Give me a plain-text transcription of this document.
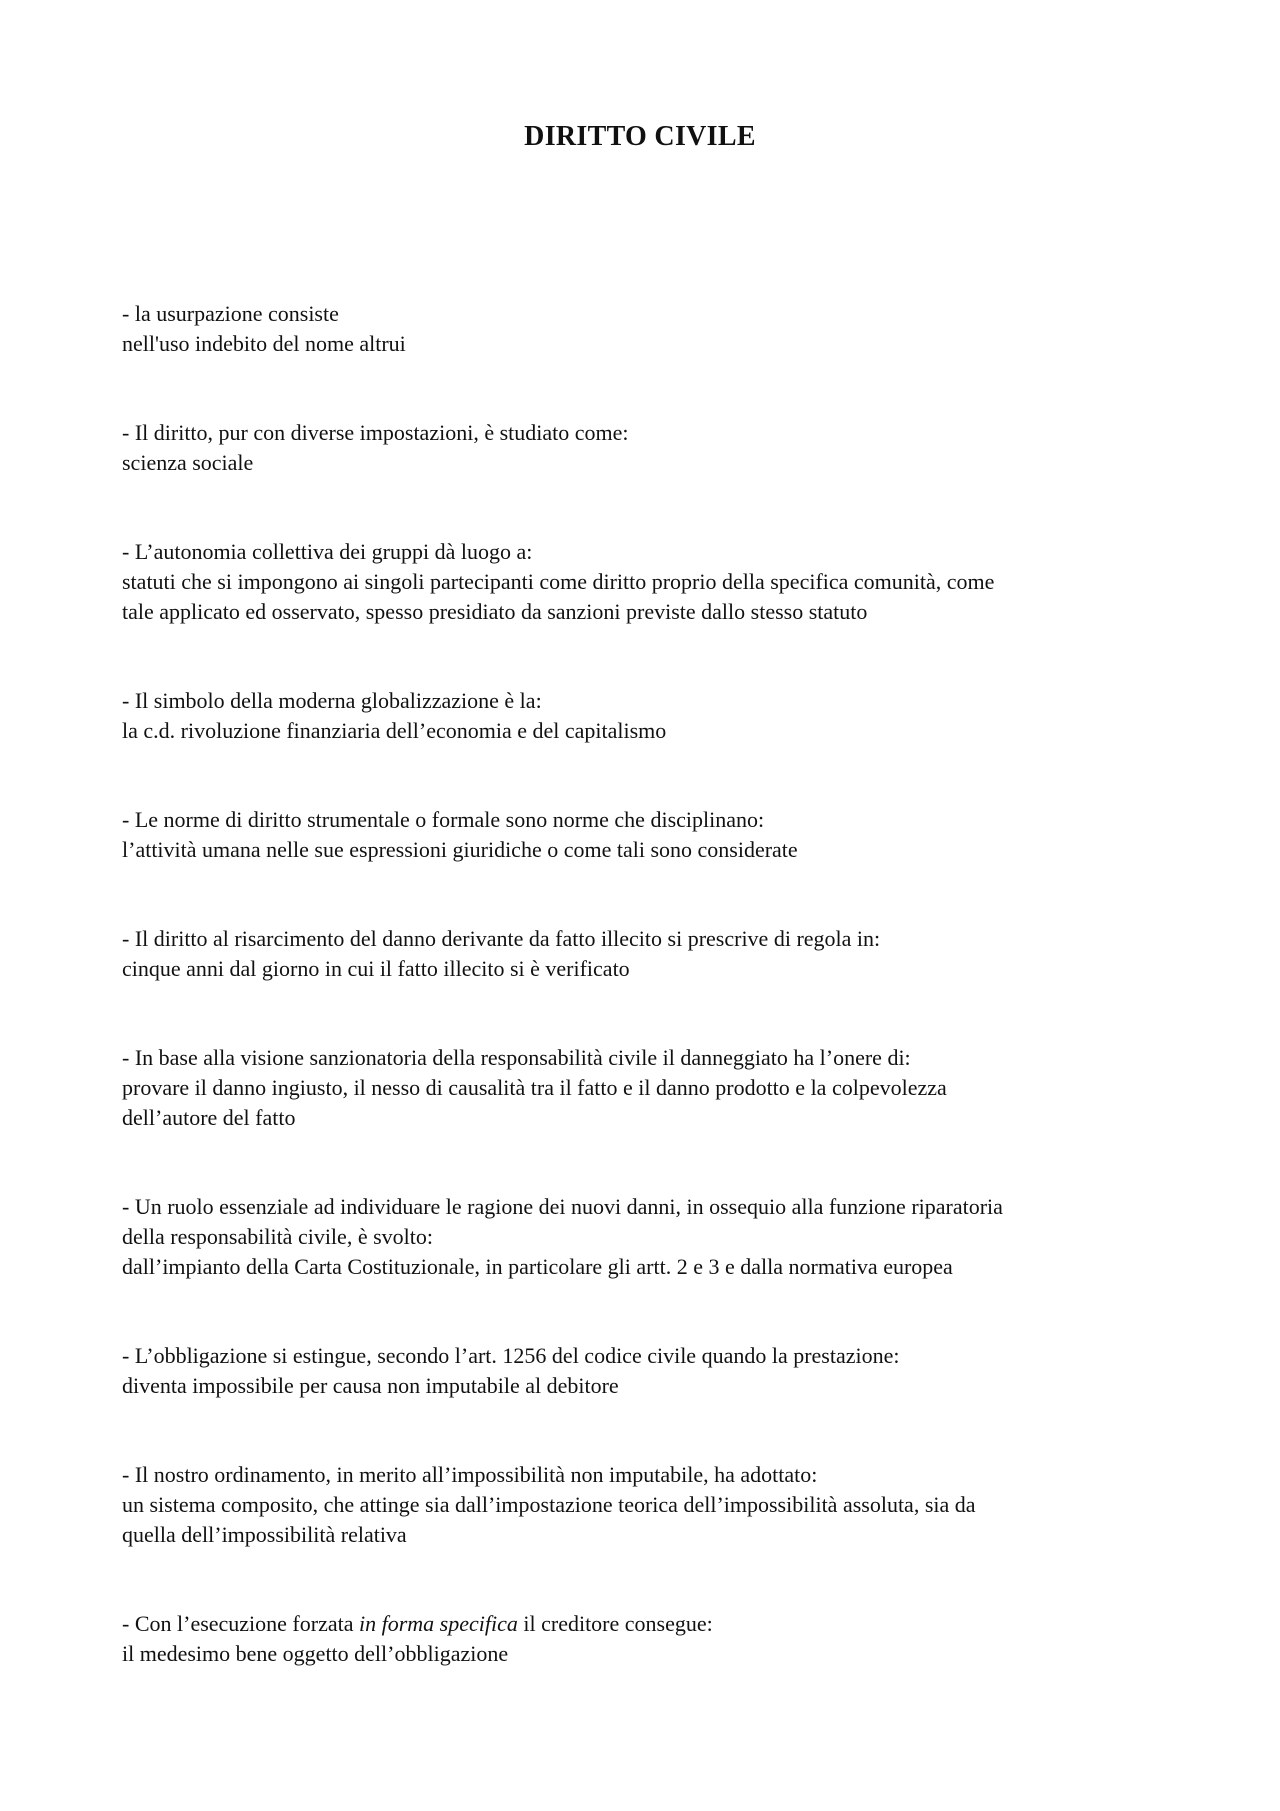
DIRITTO CIVILE

- la usurpazione consiste

nell'uso indebito del nome altrui

- Il diritto, pur con diverse impostazioni, è studiato come:

scienza sociale

- L’autonomia collettiva dei gruppi dà luogo a:

statuti che si impongono ai singoli partecipanti come diritto proprio della specifica comunità, come
tale applicato ed osservato, spesso presidiato da sanzioni previste dallo stesso statuto

- Il simbolo della moderna globalizzazione è la:

la c.d. rivoluzione finanziaria dell’economia e del capitalismo

- Le norme di diritto strumentale o formale sono norme che disciplinano:

l’attività umana nelle sue espressioni giuridiche o come tali sono considerate

- Il diritto al risarcimento del danno derivante da fatto illecito si prescrive di regola in:

cinque anni dal giorno in cui il fatto illecito si è verificato

- In base alla visione sanzionatoria della responsabilità civile il danneggiato ha l’onere di:

provare il danno ingiusto, il nesso di causalità tra il fatto e il danno prodotto e la colpevolezza
dell’autore del fatto

- Un ruolo essenziale ad individuare le ragione dei nuovi danni, in ossequio alla funzione riparatoria
della responsabilità civile, è svolto:

dall’impianto della Carta Costituzionale, in particolare gli artt. 2 e 3 e dalla normativa europea

- L’obbligazione si estingue, secondo l’art. 1256 del codice civile quando la prestazione:

diventa impossibile per causa non imputabile al debitore

- Il nostro ordinamento, in merito all’impossibilità non imputabile, ha adottato:

un sistema composito, che attinge sia dall’impostazione teorica dell’impossibilità assoluta, sia da
quella dell’impossibilità relativa

- Con l’esecuzione forzata in forma specifica il creditore consegue:

il medesimo bene oggetto dell’obbligazione
